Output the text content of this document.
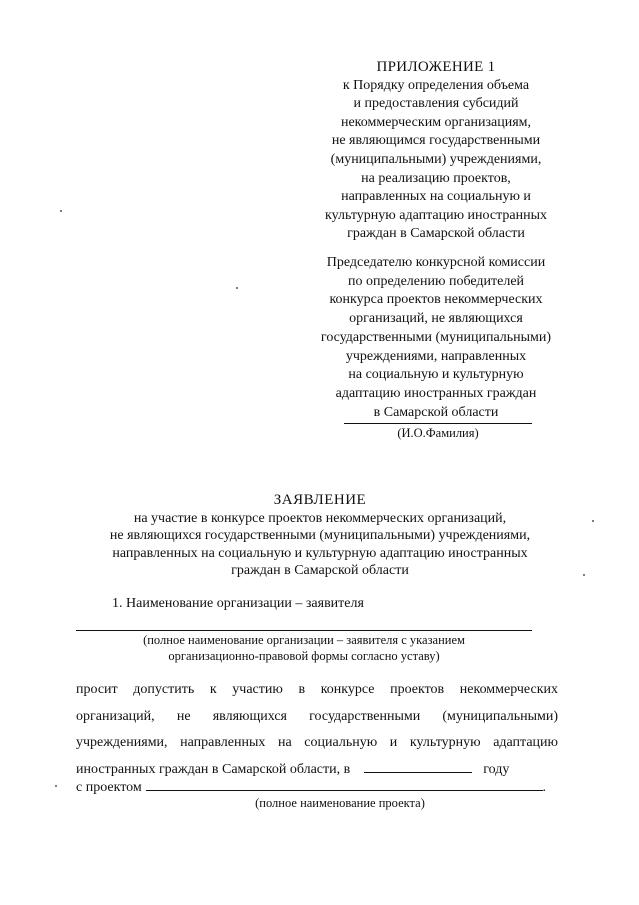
ПРИЛОЖЕНИЕ 1
к Порядку определения объема
и предоставления субсидий
некоммерческим организациям,
не являющимся государственными
(муниципальными) учреждениями,
на реализацию проектов,
направленных на социальную и
культурную адаптацию иностранных
граждан в Самарской области
Председателю конкурсной комиссии
по определению победителей
конкурса проектов некоммерческих
организаций, не являющихся
государственными (муниципальными)
учреждениями, направленных
на социальную и культурную
адаптацию иностранных граждан
в Самарской области
(И.О.Фамилия)
ЗАЯВЛЕНИЕ
на участие в конкурсе проектов некоммерческих организаций,
не являющихся государственными (муниципальными) учреждениями,
направленных на социальную и культурную адаптацию иностранных
граждан в Самарской области
1. Наименование организации – заявителя
(полное наименование организации – заявителя с указанием
организационно-правовой формы согласно уставу)
просит допустить к участию в конкурсе проектов некоммерческих
организаций, не являющихся государственными (муниципальными)
учреждениями, направленных на социальную и культурную адаптацию
иностранных граждан в Самарской области, в	году
с проектом	.
(полное наименование проекта)
